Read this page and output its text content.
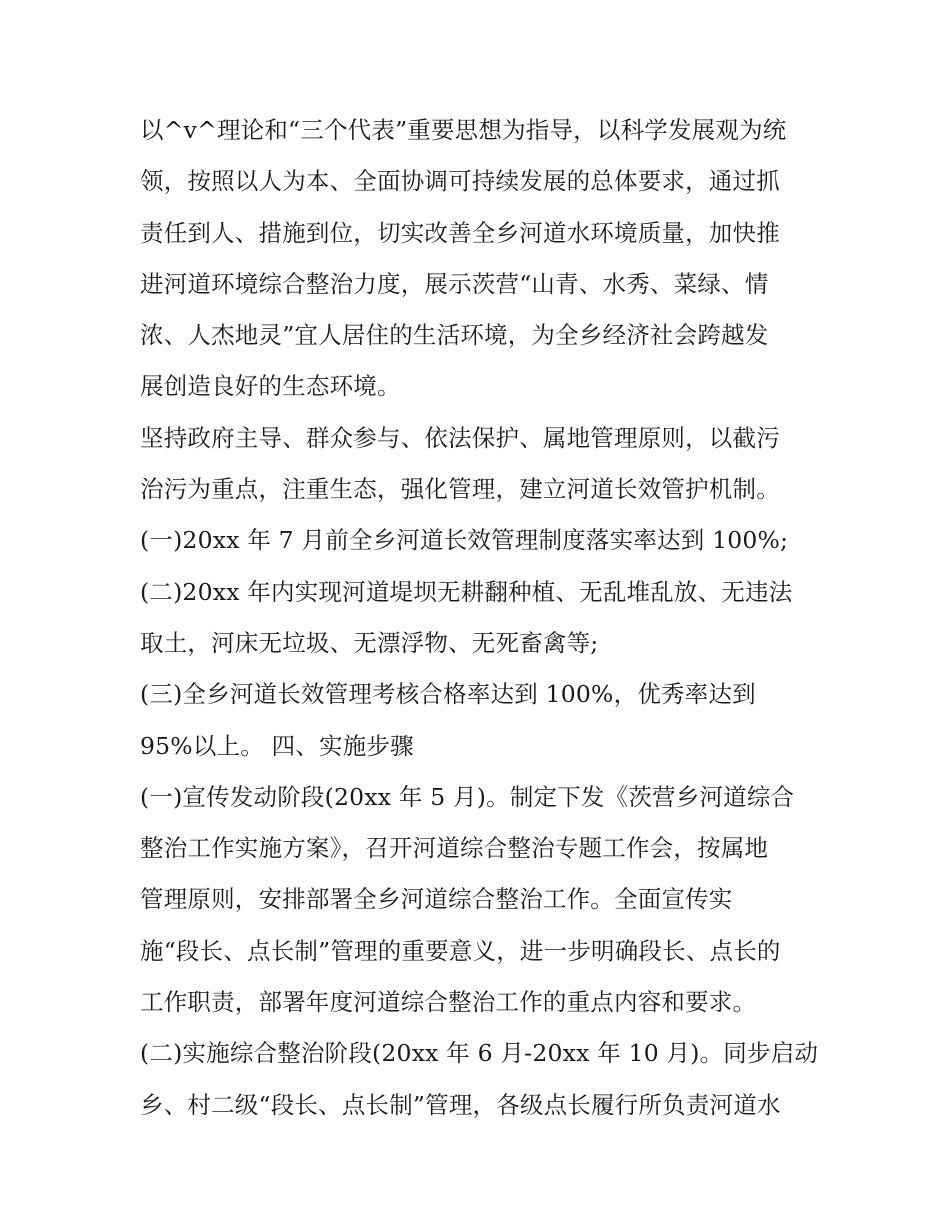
以^v^理论和“三个代表”重要思想为指导，以科学发展观为统
领，按照以人为本、全面协调可持续发展的总体要求，通过抓
责任到人、措施到位，切实改善全乡河道水环境质量，加快推
进河道环境综合整治力度，展示茨营“山青、水秀、菜绿、情
浓、人杰地灵”宜人居住的生活环境，为全乡经济社会跨越发
展创造良好的生态环境。
坚持政府主导、群众参与、依法保护、属地管理原则，以截污
治污为重点，注重生态，强化管理，建立河道长效管护机制。
(一)20xx 年 7 月前全乡河道长效管理制度落实率达到 100%;
(二)20xx 年内实现河道堤坝无耕翻种植、无乱堆乱放、无违法
取土，河床无垃圾、无漂浮物、无死畜禽等;
(三)全乡河道长效管理考核合格率达到 100%，优秀率达到
95%以上。 四、实施步骤
(一)宣传发动阶段(20xx 年 5 月)。制定下发《茨营乡河道综合
整治工作实施方案》，召开河道综合整治专题工作会，按属地
管理原则，安排部署全乡河道综合整治工作。全面宣传实
施“段长、点长制”管理的重要意义，进一步明确段长、点长的
工作职责，部署年度河道综合整治工作的重点内容和要求。
(二)实施综合整治阶段(20xx 年 6 月-20xx 年 10 月)。同步启动
乡、村二级“段长、点长制”管理，各级点长履行所负责河道水
